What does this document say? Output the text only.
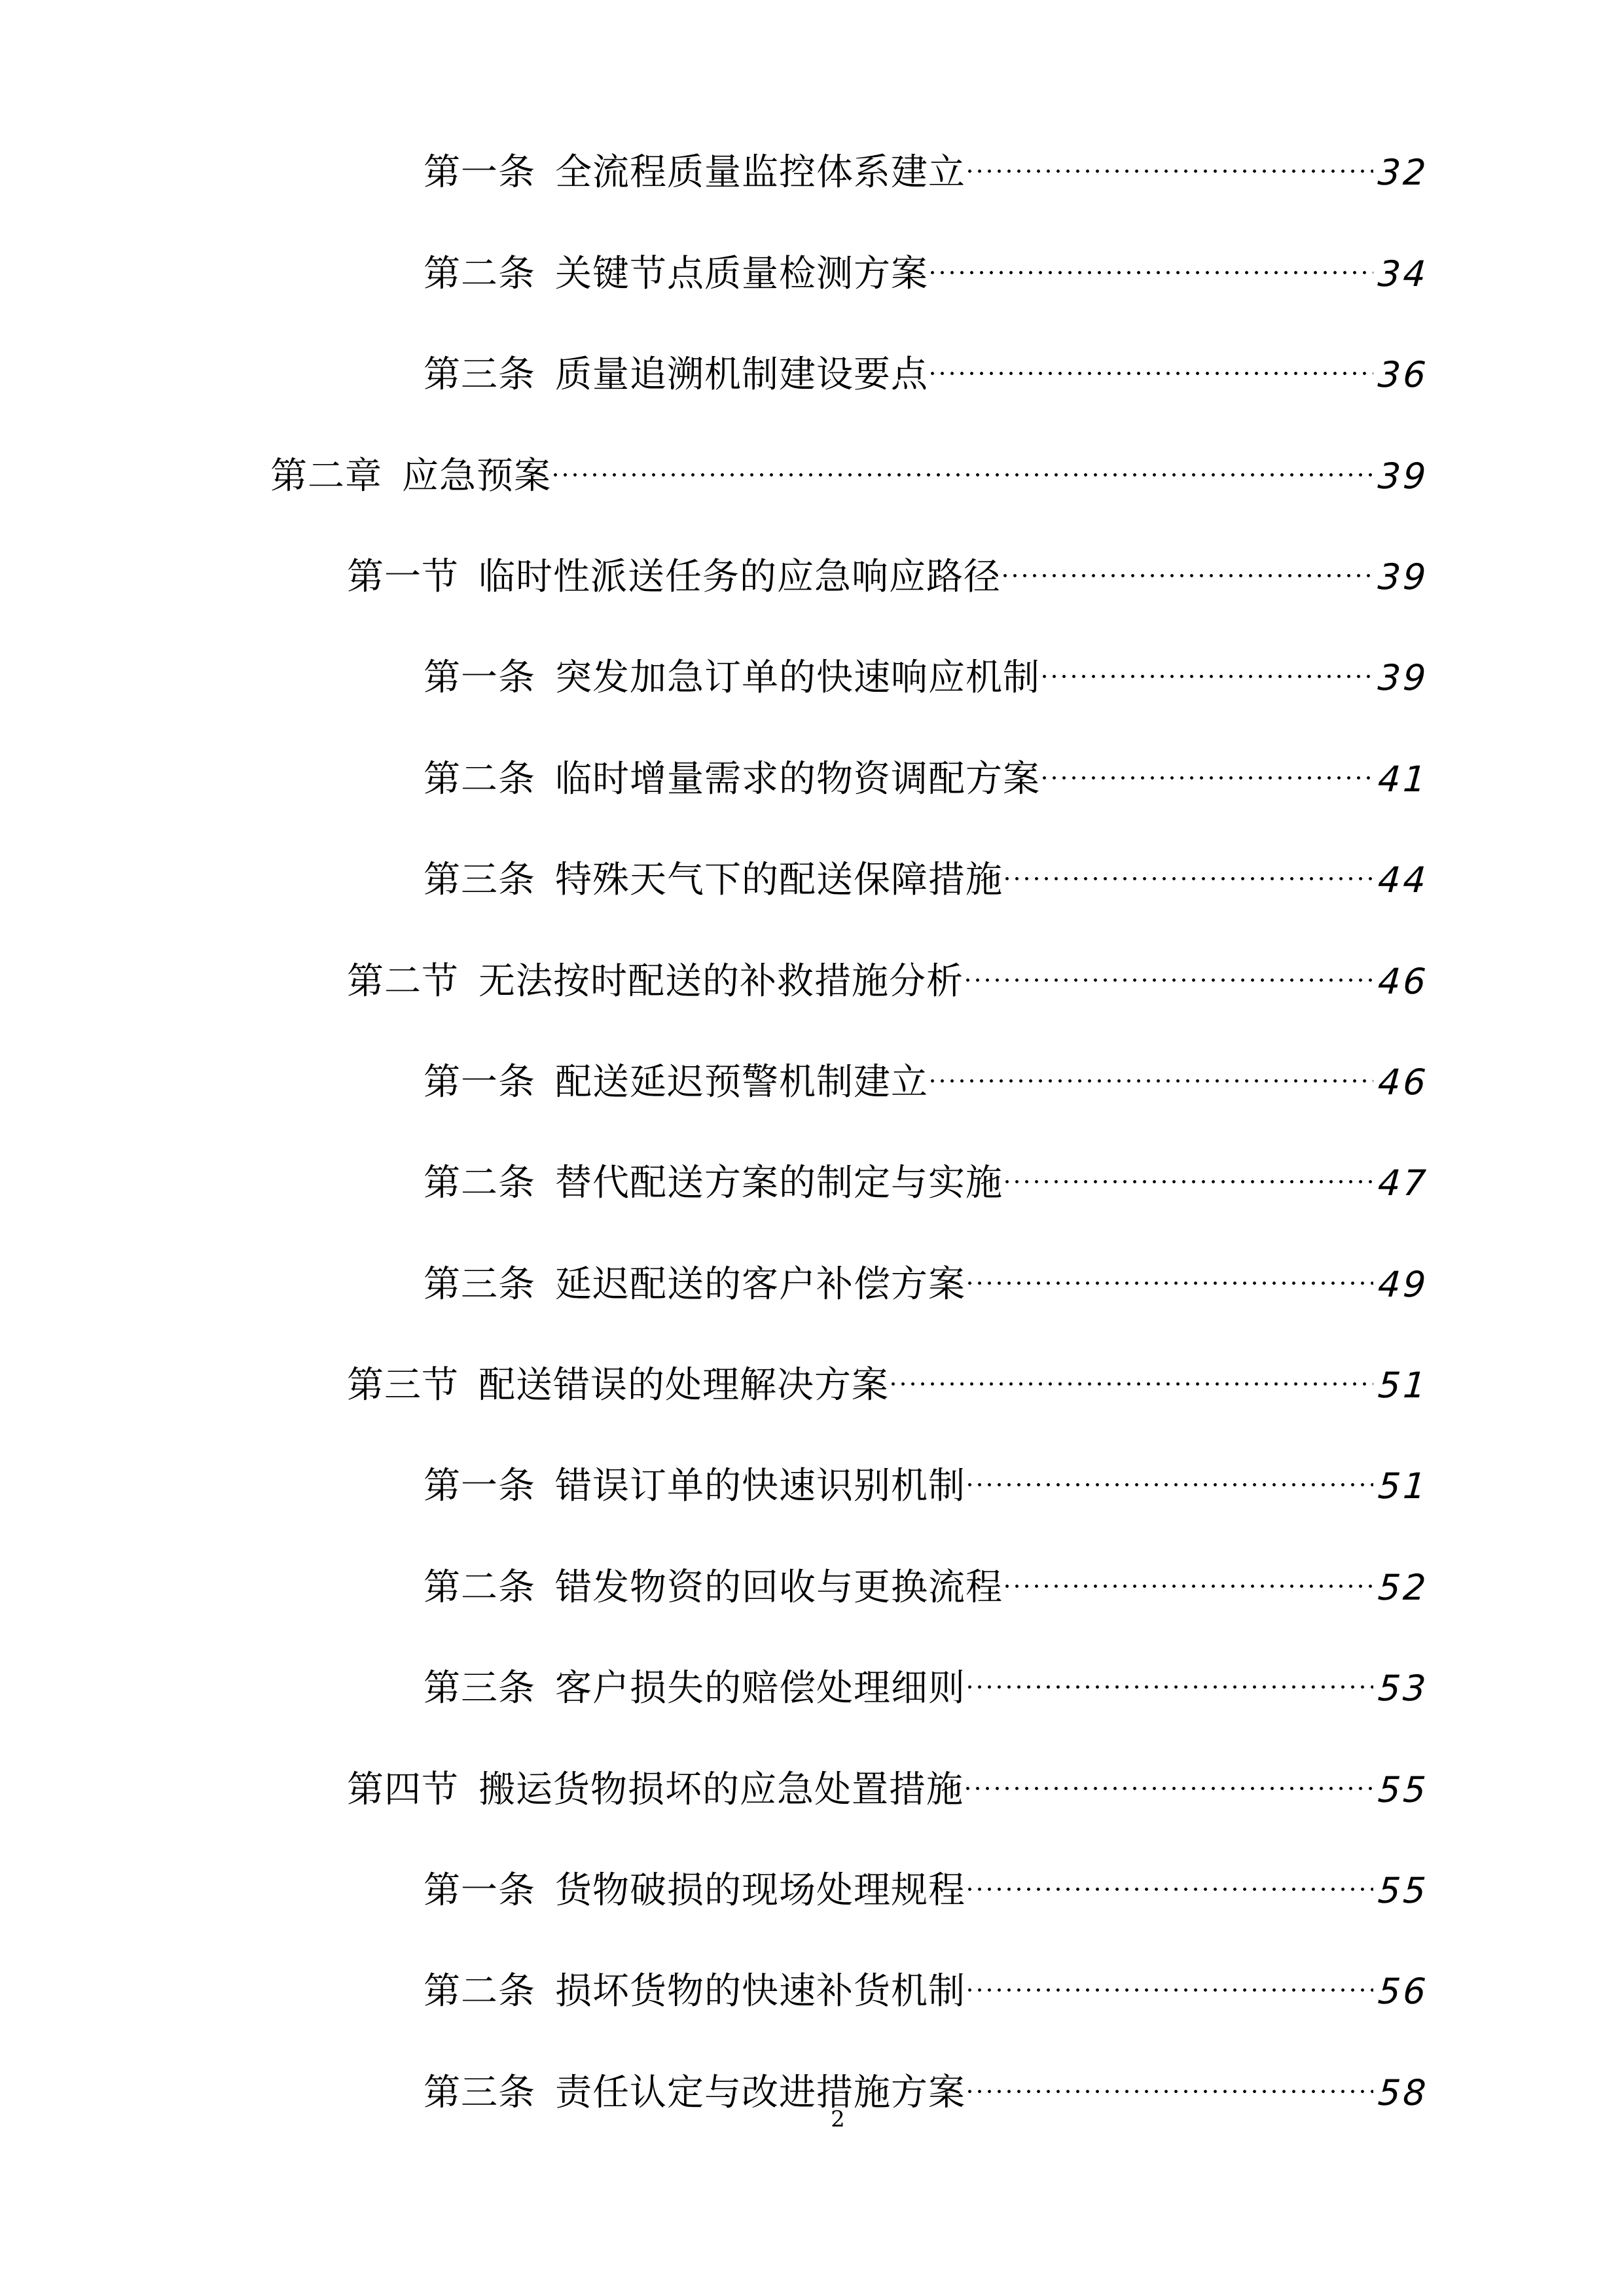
第一条 全流程质量监控体系建立	32
第二条 关键节点质量检测方案	34
第三条 质量追溯机制建设要点	36
第二章 应急预案	39
第一节 临时性派送任务的应急响应路径	39
第一条 突发加急订单的快速响应机制	39
第二条 临时增量需求的物资调配方案	41
第三条 特殊天气下的配送保障措施	44
第二节 无法按时配送的补救措施分析	46
第一条 配送延迟预警机制建立	46
第二条 替代配送方案的制定与实施	47
第三条 延迟配送的客户补偿方案	49
第三节 配送错误的处理解决方案	51
第一条 错误订单的快速识别机制	51
第二条 错发物资的回收与更换流程	52
第三条 客户损失的赔偿处理细则	53
第四节 搬运货物损坏的应急处置措施	55
第一条 货物破损的现场处理规程	55
第二条 损坏货物的快速补货机制	56
第三条 责任认定与改进措施方案	58
2
